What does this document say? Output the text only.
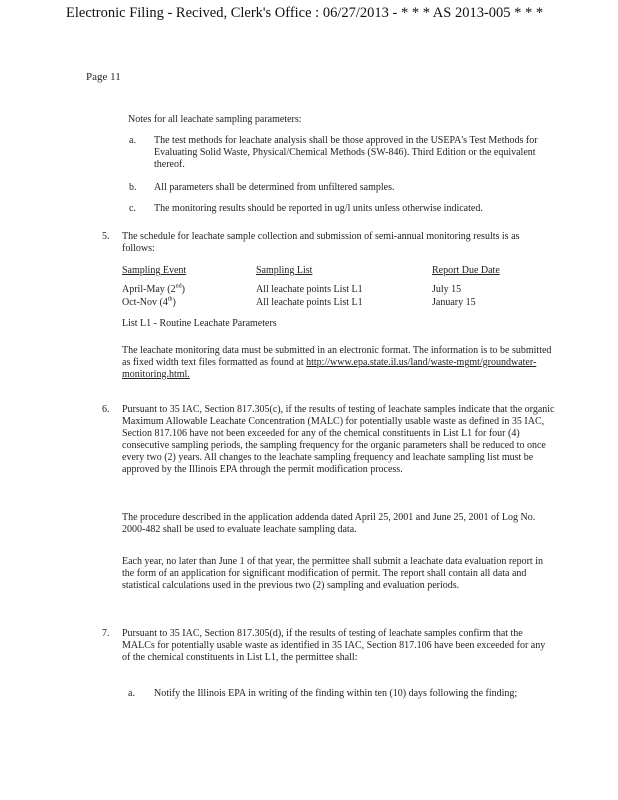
Electronic Filing - Recived, Clerk's Office : 06/27/2013 - * * * AS 2013-005 * * *
Page 11
Notes for all leachate sampling parameters:
a. The test methods for leachate analysis shall be those approved in the USEPA's Test Methods for Evaluating Solid Waste, Physical/Chemical Methods (SW-846). Third Edition or the equivalent thereof.
b. All parameters shall be determined from unfiltered samples.
c. The monitoring results should be reported in ug/l units unless otherwise indicated.
5. The schedule for leachate sample collection and submission of semi-annual monitoring results is as follows:
Sampling Event	Sampling List	Report Due Date
April-May (2nd)	All leachate points List L1	July 15
Oct-Nov (4th)	All leachate points List L1	January 15
List L1 - Routine Leachate Parameters
The leachate monitoring data must be submitted in an electronic format. The information is to be submitted as fixed width text files formatted as found at http://www.epa.state.il.us/land/waste-mgmt/groundwater-monitoring.html.
6. Pursuant to 35 IAC, Section 817.305(c), if the results of testing of leachate samples indicate that the organic Maximum Allowable Leachate Concentration (MALC) for potentially usable waste as defined in 35 IAC, Section 817.106 have not been exceeded for any of the chemical constituents in List L1 for four (4) consecutive sampling periods, the sampling frequency for the organic parameters shall be reduced to once every two (2) years. All changes to the leachate sampling frequency and leachate sampling list must be approved by the Illinois EPA through the permit modification process.
The procedure described in the application addenda dated April 25, 2001 and June 25, 2001 of Log No. 2000-482 shall be used to evaluate leachate sampling data.
Each year, no later than June 1 of that year, the permittee shall submit a leachate data evaluation report in the form of an application for significant modification of permit. The report shall contain all data and statistical calculations used in the previous two (2) sampling and evaluation periods.
7. Pursuant to 35 IAC, Section 817.305(d), if the results of testing of leachate samples confirm that the MALCs for potentially usable waste as identified in 35 IAC, Section 817.106 have been exceeded for any of the chemical constituents in List L1, the permittee shall:
a. Notify the Illinois EPA in writing of the finding within ten (10) days following the finding;
